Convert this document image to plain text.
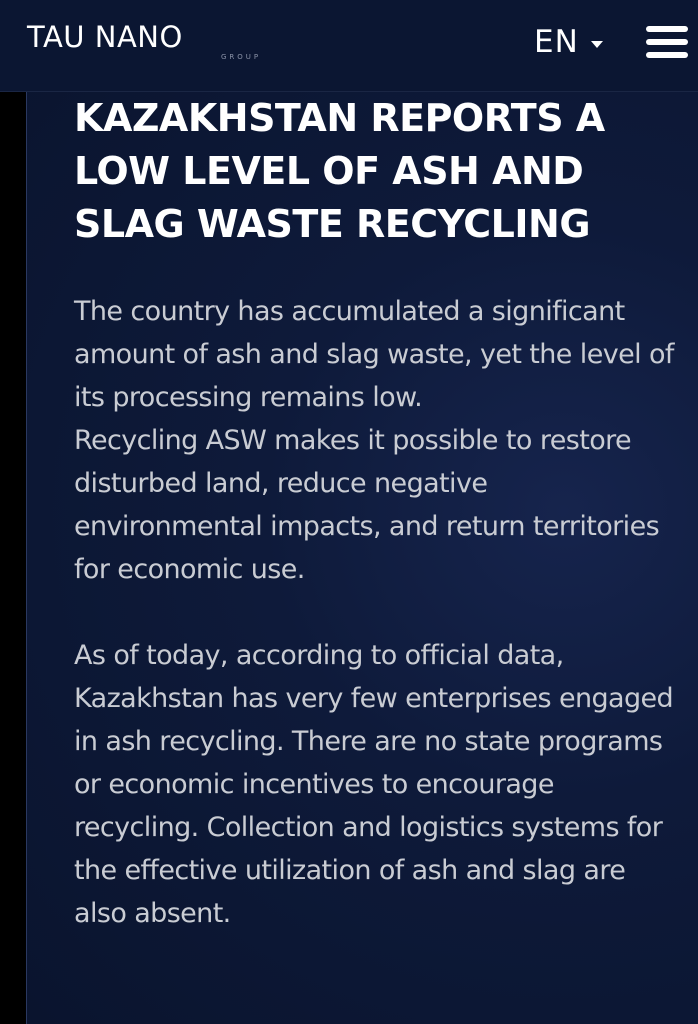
TAU NANO
GROUP	EN
KAZAKHSTAN REPORTS A LOW LEVEL OF ASH AND SLAG WASTE RECYCLING

The country has accumulated a significant amount of ash and slag waste, yet the level of its processing remains low.

Recycling ASW makes it possible to restore disturbed land, reduce negative environmental impacts, and return territories for economic use.

As of today, according to official data, Kazakhstan has very few enterprises engaged in ash recycling. There are no state programs or economic incentives to encourage recycling. Collection and logistics systems for the effective utilization of ash and slag are also absent.
